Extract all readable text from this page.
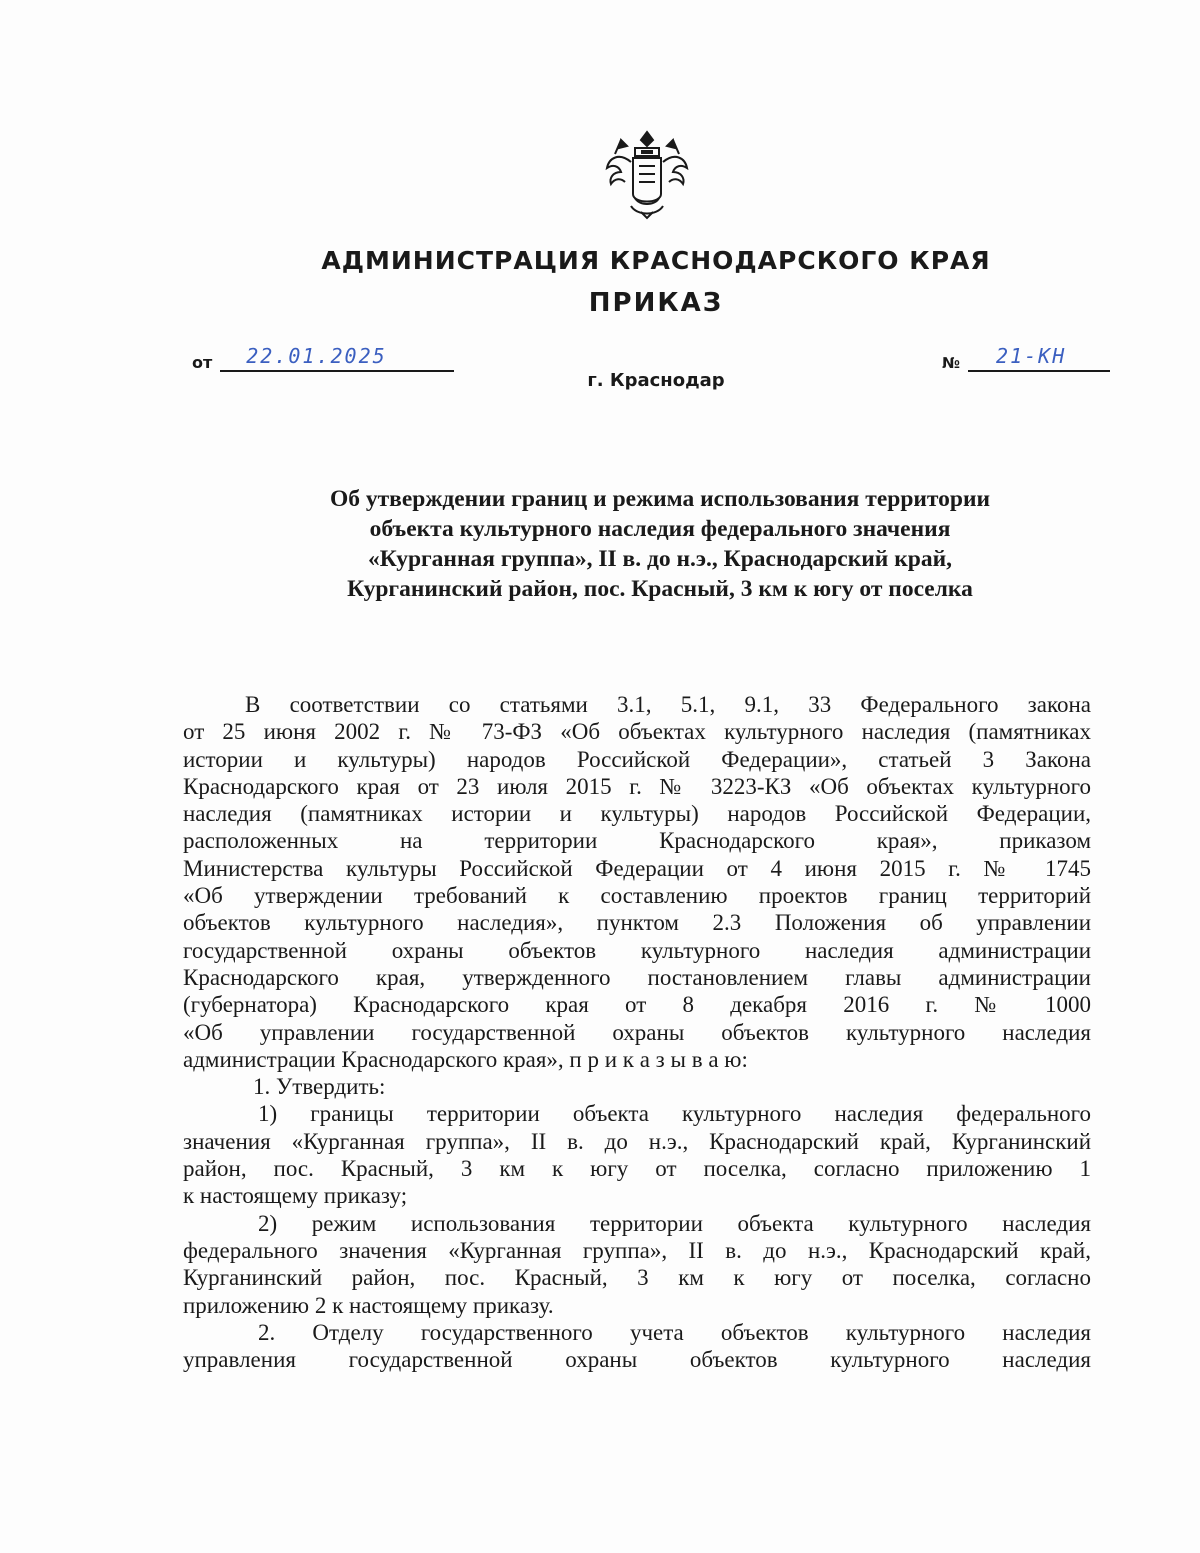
АДМИНИСТРАЦИЯ КРАСНОДАРСКОГО КРАЯ
ПРИКАЗ
от 22.01.2025	№ 21-КН
г. Краснодар
Об утверждении границ и режима использования территории
объекта культурного наследия федерального значения
«Курганная группа», II в. до н.э., Краснодарский край,
Курганинский район, пос. Красный, 3 км к югу от поселка
В соответствии со статьями 3.1, 5.1, 9.1, 33 Федерального закона
от 25 июня 2002 г. № 73-ФЗ «Об объектах культурного наследия (памятниках
истории и культуры) народов Российской Федерации», статьей 3 Закона
Краснодарского края от 23 июля 2015 г. № 3223-КЗ «Об объектах культурного
наследия (памятниках истории и культуры) народов Российской Федерации,
расположенных на территории Краснодарского края», приказом
Министерства культуры Российской Федерации от 4 июня 2015 г. № 1745
«Об утверждении требований к составлению проектов границ территорий
объектов культурного наследия», пунктом 2.3 Положения об управлении
государственной охраны объектов культурного наследия администрации
Краснодарского края, утвержденного постановлением главы администрации
(губернатора) Краснодарского края от 8 декабря 2016 г. № 1000
«Об управлении государственной охраны объектов культурного наследия
администрации Краснодарского края», п р и к а з ы в а ю:
1. Утвердить:
1) границы территории объекта культурного наследия федерального
значения «Курганная группа», II в. до н.э., Краснодарский край, Курганинский
район, пос. Красный, 3 км к югу от поселка, согласно приложению 1
к настоящему приказу;
2) режим использования территории объекта культурного наследия
федерального значения «Курганная группа», II в. до н.э., Краснодарский край,
Курганинский район, пос. Красный, 3 км к югу от поселка, согласно
приложению 2 к настоящему приказу.
2. Отделу государственного учета объектов культурного наследия
управления государственной охраны объектов культурного наследия
